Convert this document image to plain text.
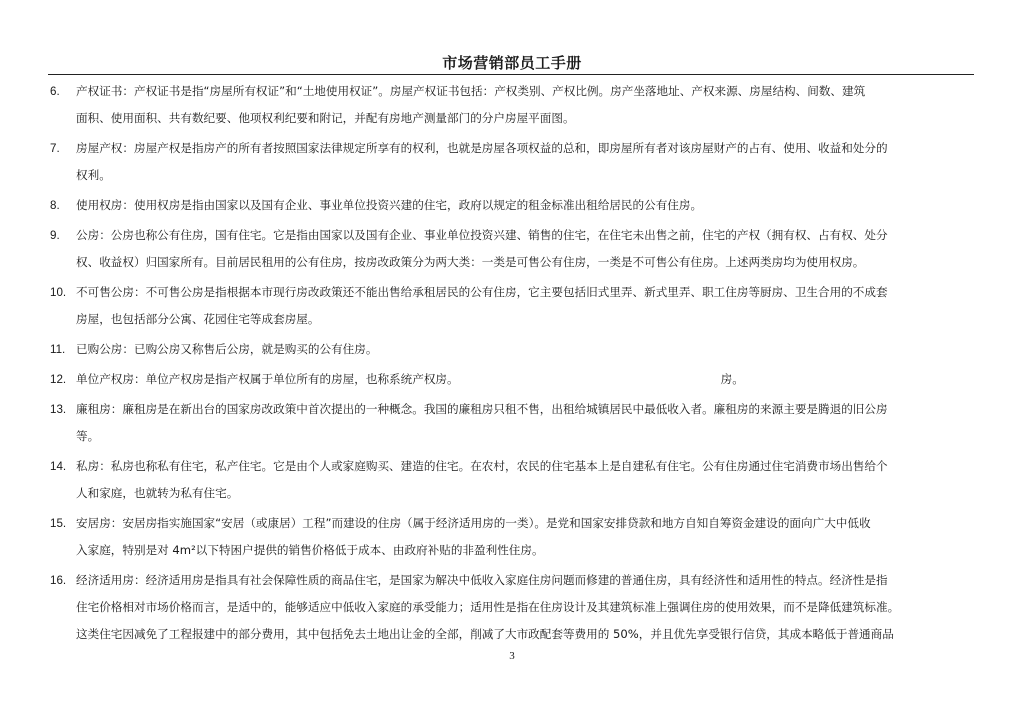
市场营销部员工手册
6.	产权证书：产权证书是指“房屋所有权证”和“土地使用权证”。房屋产权证书包括：产权类别、产权比例。房产坐落地址、产权来源、房屋结构、间数、建筑
面积、使用面积、共有数纪要、他项权利纪要和附记，并配有房地产测量部门的分户房屋平面图。
7.	房屋产权：房屋产权是指房产的所有者按照国家法律规定所享有的权利，也就是房屋各项权益的总和，即房屋所有者对该房屋财产的占有、使用、收益和处分的
权利。
8.	使用权房：使用权房是指由国家以及国有企业、事业单位投资兴建的住宅，政府以规定的租金标准出租给居民的公有住房。
9.	公房：公房也称公有住房，国有住宅。它是指由国家以及国有企业、事业单位投资兴建、销售的住宅，在住宅未出售之前，住宅的产权（拥有权、占有权、处分
权、收益权）归国家所有。目前居民租用的公有住房，按房改政策分为两大类：一类是可售公有住房，一类是不可售公有住房。上述两类房均为使用权房。
10. 不可售公房：不可售公房是指根据本市现行房改政策还不能出售给承租居民的公有住房，它主要包括旧式里弄、新式里弄、职工住房等厨房、卫生合用的不成套
房屋，也包括部分公寓、花园住宅等成套房屋。
11. 已购公房：已购公房又称售后公房，就是购买的公有住房。
12. 单位产权房：单位产权房是指产权属于单位所有的房屋，也称系统产权房。	房。
13. 廉租房：廉租房是在新出台的国家房改政策中首次提出的一种概念。我国的廉租房只租不售，出租给城镇居民中最低收入者。廉租房的来源主要是腾退的旧公房
等。
14. 私房：私房也称私有住宅，私产住宅。它是由个人或家庭购买、建造的住宅。在农村，农民的住宅基本上是自建私有住宅。公有住房通过住宅消费市场出售给个
人和家庭，也就转为私有住宅。
15. 安居房：安居房指实施国家“安居（或康居）工程”而建设的住房（属于经济适用房的一类）。是党和国家安排贷款和地方自知自筹资金建设的面向广大中低收
入家庭，特别是对 4m²以下特困户提供的销售价格低于成本、由政府补贴的非盈利性住房。
16. 经济适用房：经济适用房是指具有社会保障性质的商品住宅，是国家为解决中低收入家庭住房问题而修建的普通住房，具有经济性和适用性的特点。经济性是指
住宅价格相对市场价格而言，是适中的，能够适应中低收入家庭的承受能力；适用性是指在住房设计及其建筑标准上强调住房的使用效果，而不是降低建筑标准。
这类住宅因减免了工程报建中的部分费用，其中包括免去土地出让金的全部，削减了大市政配套等费用的 50%，并且优先享受银行信贷，其成本略低于普通商品
3
